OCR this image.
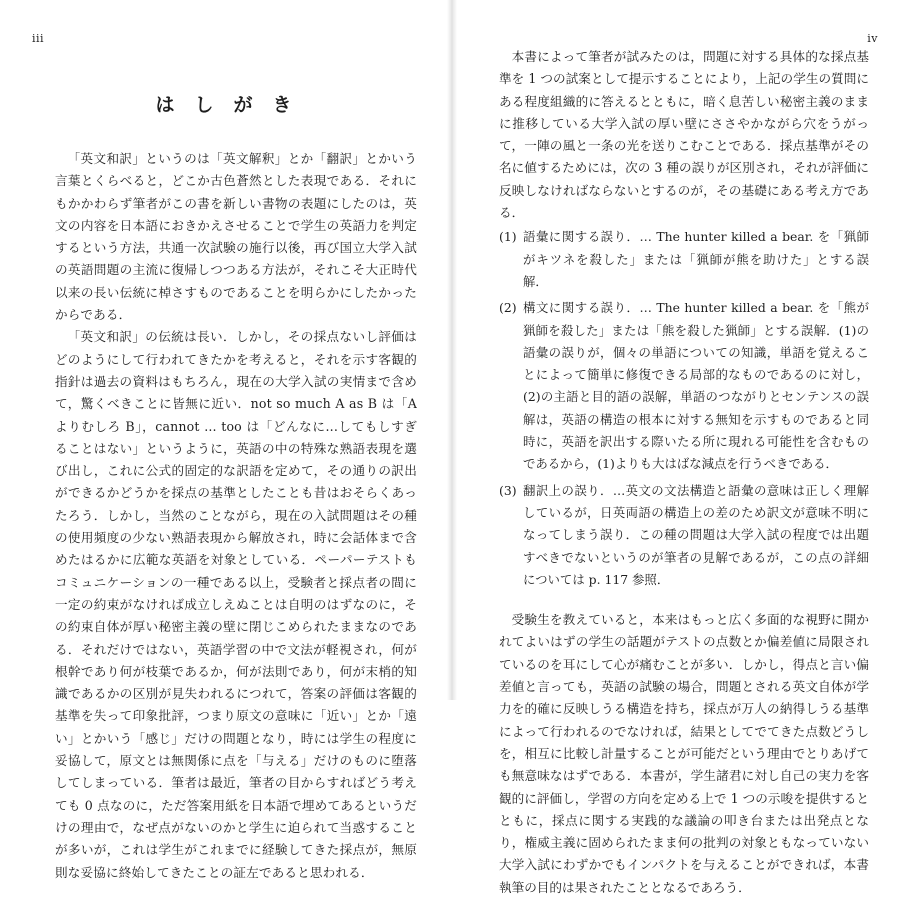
iii
はしがき

「英文和訳」というのは「英文解釈」とか「翻訳」とかいう言葉とくらべると，どこか古色蒼然とした表現である．それにもかかわらず筆者がこの書を新しい書物の表題にしたのは，英文の内容を日本語におきかえさせることで学生の英語力を判定するという方法，共通一次試験の施行以後，再び国立大学入試の英語問題の主流に復帰しつつある方法が，それこそ大正時代以来の長い伝統に棹さすものであることを明らかにしたかったからである．

「英文和訳」の伝統は長い．しかし，その採点ないし評価はどのようにして行われてきたかを考えると，それを示す客観的指針は過去の資料はもちろん，現在の大学入試の実情まで含めて，驚くべきことに皆無に近い．not so much A as B は「A よりむしろ B」，cannot ... too は「どんなに...してもしすぎることはない」というように，英語の中の特殊な熟語表現を選び出し，これに公式的固定的な訳語を定めて，その通りの訳出ができるかどうかを採点の基準としたことも昔はおそらくあったろう．しかし，当然のことながら，現在の入試問題はその種の使用頻度の少ない熟語表現から解放され，時に会話体まで含めたはるかに広範な英語を対象としている．ペーパーテストもコミュニケーションの一種である以上，受験者と採点者の間に一定の約束がなければ成立しえぬことは自明のはずなのに，その約束自体が厚い秘密主義の壁に閉じこめられたままなのである．それだけではない，英語学習の中で文法が軽視され，何が根幹であり何が枝葉であるか，何が法則であり，何が末梢的知識であるかの区別が見失われるにつれて，答案の評価は客観的基準を失って印象批評，つまり原文の意味に「近い」とか「遠い」とかいう「感じ」だけの問題となり，時には学生の程度に妥協して，原文とは無関係に点を「与える」だけのものに堕落してしまっている．筆者は最近，筆者の目からすればどう考えても 0 点なのに，ただ答案用紙を日本語で埋めてあるというだけの理由で，なぜ点がないのかと学生に迫られて当惑することが多いが，これは学生がこれまでに経験してきた採点が，無原則な妥協に終始してきたことの証左であると思われる．

iv

本書によって筆者が試みたのは，問題に対する具体的な採点基準を 1 つの試案として提示することにより，上記の学生の質問にある程度組織的に答えるとともに，暗く息苦しい秘密主義のままに推移している大学入試の厚い壁にささやかながら穴をうがって，一陣の風と一条の光を送りこむことである．採点基準がその名に値するためには，次の 3 種の誤りが区別され，それが評価に反映しなければならないとするのが，その基礎にある考え方である．

(1) 語彙に関する誤り．… The hunter killed a bear. を「猟師がキツネを殺した」または「猟師が熊を助けた」とする誤解．
(2) 構文に関する誤り．… The hunter killed a bear. を「熊が猟師を殺した」または「熊を殺した猟師」とする誤解．(1)の語彙の誤りが，個々の単語についての知識，単語を覚えることによって簡単に修復できる局部的なものであるのに対し，(2)の主語と目的語の誤解，単語のつながりとセンテンスの誤解は，英語の構造の根本に対する無知を示すものであると同時に，英語を訳出する際いたる所に現れる可能性を含むものであるから，(1)よりも大はばな減点を行うべきである．
(3) 翻訳上の誤り．…英文の文法構造と語彙の意味は正しく理解しているが，日英両語の構造上の差のため訳文が意味不明になってしまう誤り．この種の問題は大学入試の程度では出題すべきでないというのが筆者の見解であるが，この点の詳細については p. 117 参照．

受験生を教えていると，本来はもっと広く多面的な視野に開かれてよいはずの学生の話題がテストの点数とか偏差値に局限されているのを耳にして心が痛むことが多い．しかし，得点と言い偏差値と言っても，英語の試験の場合，問題とされる英文自体が学力を的確に反映しうる構造を持ち，採点が万人の納得しうる基準によって行われるのでなければ，結果としてでてきた点数どうしを，相互に比較し計量することが可能だという理由でとりあげても無意味なはずである．本書が，学生諸君に対し自己の実力を客観的に評価し，学習の方向を定める上で 1 つの示唆を提供するとともに，採点に関する実践的な議論の叩き台または出発点となり，権威主義に固められたまま何の批判の対象ともなっていない大学入試にわずかでもインパクトを与えることができれば，本書執筆の目的は果されたこととなるであろう．
